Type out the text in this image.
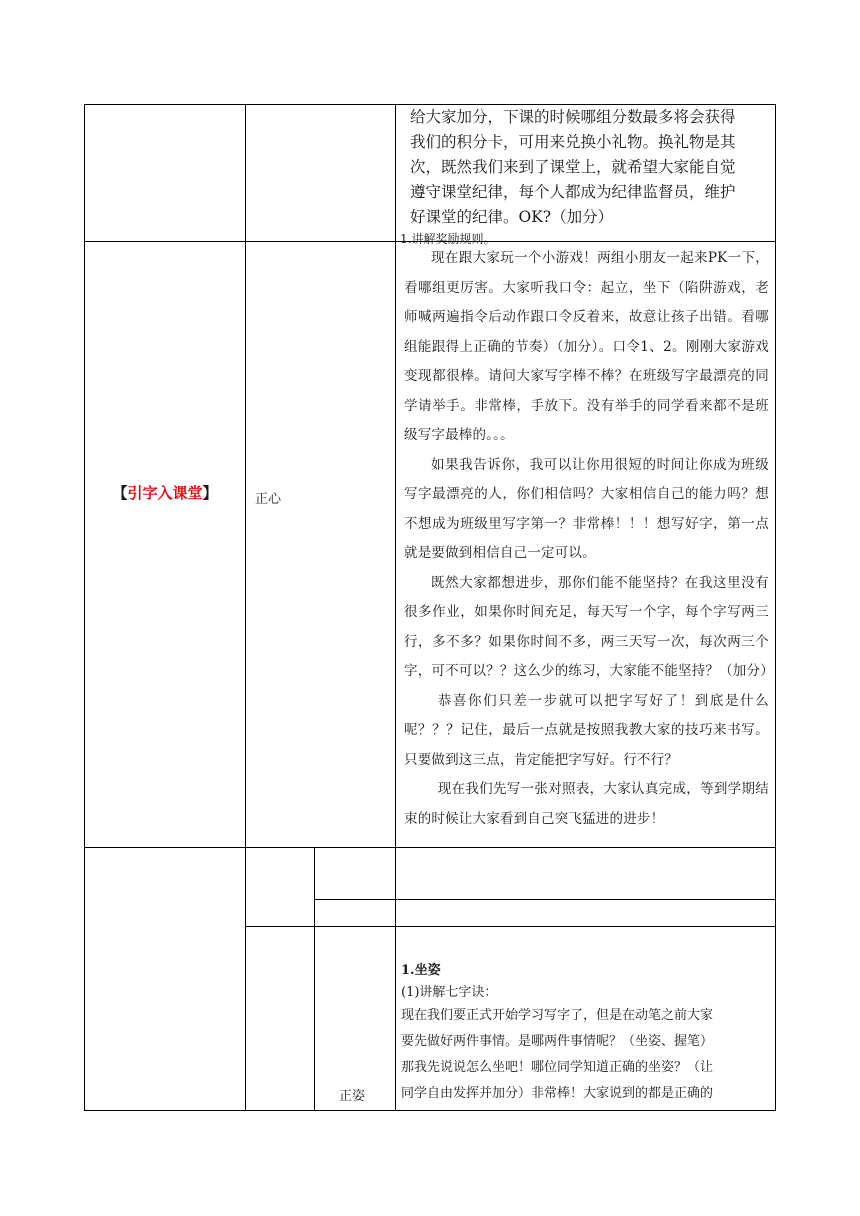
给大家加分，下课的时候哪组分数最多将会获得

我们的积分卡，可用来兑换小礼物。换礼物是其

次，既然我们来到了课堂上，就希望大家能自觉

遵守课堂纪律，每个人都成为纪律监督员，维护

好课堂的纪律。OK?（加分）

1.讲解奖励规则。

【引字入课堂】	正心

现在跟大家玩一个小游戏！两组小朋友一起来PK一下，看哪组更厉害。大家听我口令：起立，坐下（陷阱游戏，老师喊两遍指令后动作跟口令反着来，故意让孩子出错。看哪组能跟得上正确的节奏）（加分）。口令1、2。刚刚大家游戏变现都很棒。请问大家写字棒不棒？在班级写字最漂亮的同学请举手。非常棒，手放下。没有举手的同学看来都不是班级写字最棒的。。。

如果我告诉你，我可以让你用很短的时间让你成为班级写字最漂亮的人，你们相信吗？大家相信自己的能力吗？想不想成为班级里写字第一？非常棒！！！想写好字，第一点就是要做到相信自己一定可以。

既然大家都想进步，那你们能不能坚持？在我这里没有很多作业，如果你时间充足，每天写一个字，每个字写两三行，多不多？如果你时间不多，两三天写一次，每次两三个字，可不可以？？这么少的练习，大家能不能坚持？（加分）

恭喜你们只差一步就可以把字写好了！到底是什么呢？？？记住，最后一点就是按照我教大家的技巧来书写。只要做到这三点，肯定能把字写好。行不行？

现在我们先写一张对照表，大家认真完成，等到学期结束的时候让大家看到自己突飞猛进的进步！

正姿

1.坐姿

(1)讲解七字诀：

现在我们要正式开始学习写字了，但是在动笔之前大家

要先做好两件事情。是哪两件事情呢？（坐姿、握笔）

那我先说说怎么坐吧！哪位同学知道正确的坐姿？（让

同学自由发挥并加分）非常棒！大家说到的都是正确的
